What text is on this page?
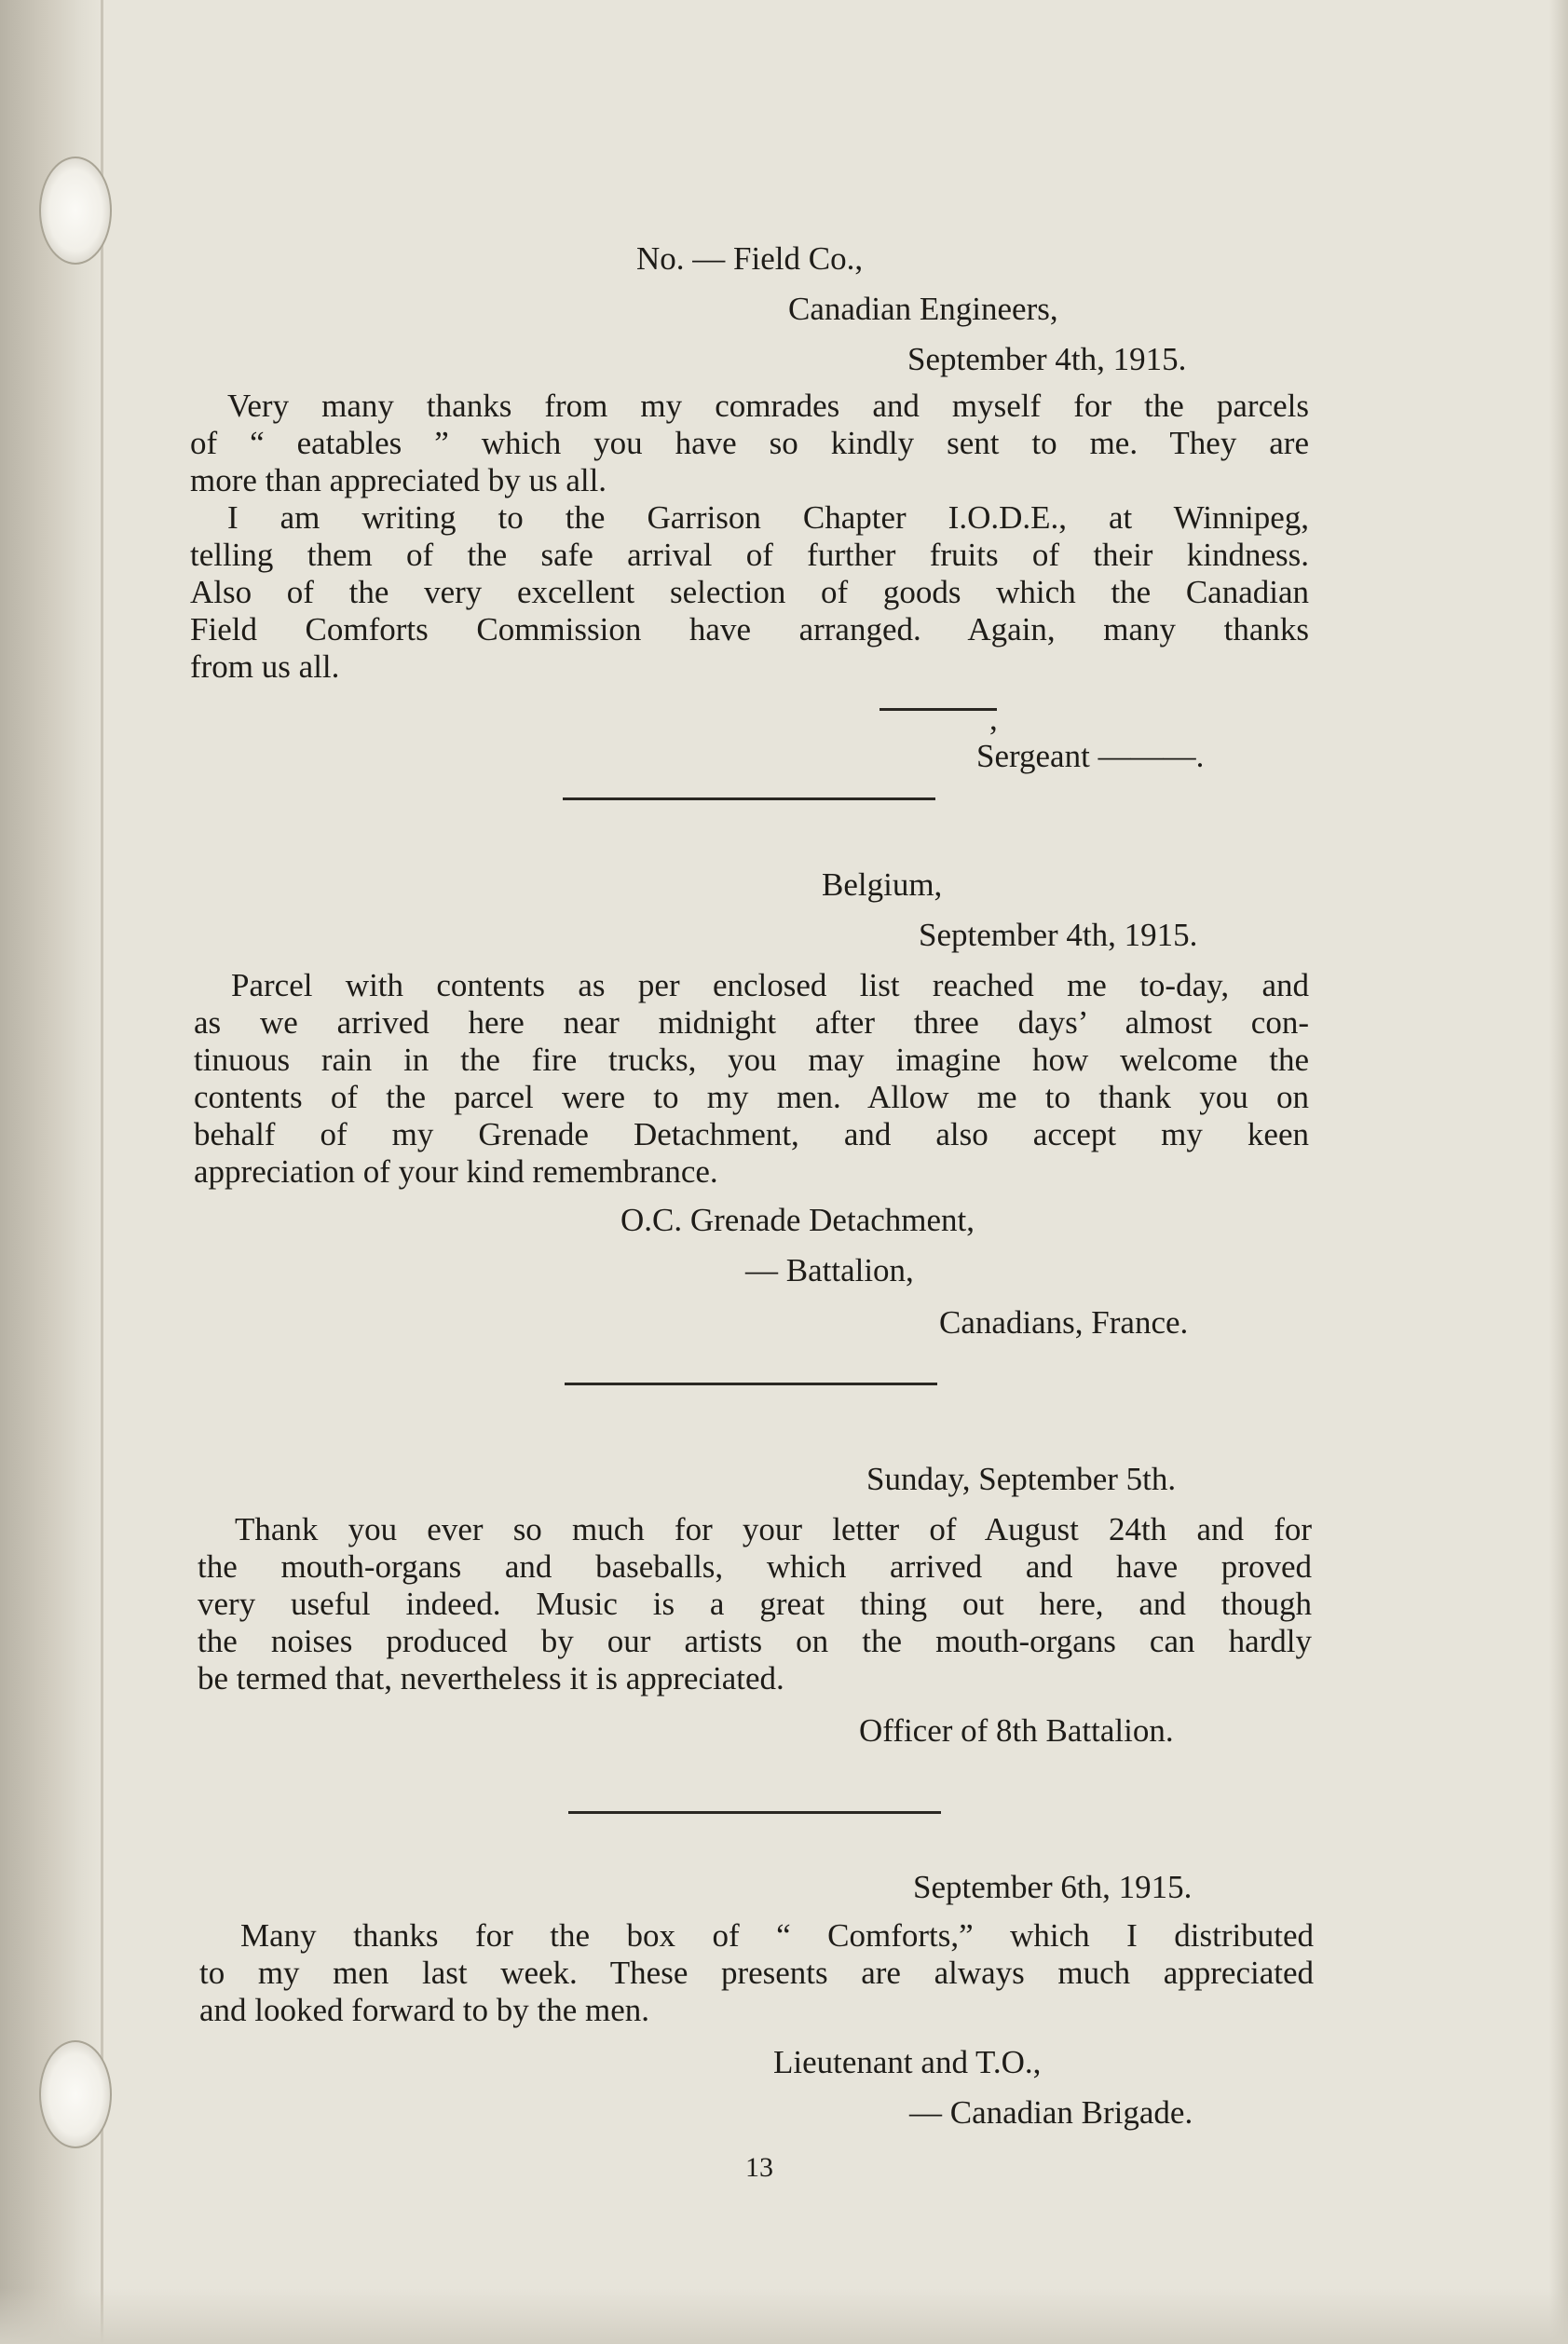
No. — Field Co.,
Canadian Engineers,
September 4th, 1915.
Very many thanks from my comrades and myself for the parcels
of “ eatables ” which you have so kindly sent to me. They are
more than appreciated by us all.
I am writing to the Garrison Chapter I.O.D.E., at Winnipeg,
telling them of the safe arrival of further fruits of their kindness.
Also of the very excellent selection of goods which the Canadian
Field Comforts Commission have arranged. Again, many thanks
from us all.
,
Sergeant ———.
Belgium,
September 4th, 1915.
Parcel with contents as per enclosed list reached me to-day, and
as we arrived here near midnight after three days’ almost con-
tinuous rain in the fire trucks, you may imagine how welcome the
contents of the parcel were to my men. Allow me to thank you on
behalf of my Grenade Detachment, and also accept my keen
appreciation of your kind remembrance.
O.C. Grenade Detachment,
— Battalion,
Canadians, France.
Sunday, September 5th.
Thank you ever so much for your letter of August 24th and for
the mouth-organs and baseballs, which arrived and have proved
very useful indeed. Music is a great thing out here, and though
the noises produced by our artists on the mouth-organs can hardly
be termed that, nevertheless it is appreciated.
Officer of 8th Battalion.
September 6th, 1915.
Many thanks for the box of “ Comforts,” which I distributed
to my men last week. These presents are always much appreciated
and looked forward to by the men.
Lieutenant and T.O.,
— Canadian Brigade.
13
